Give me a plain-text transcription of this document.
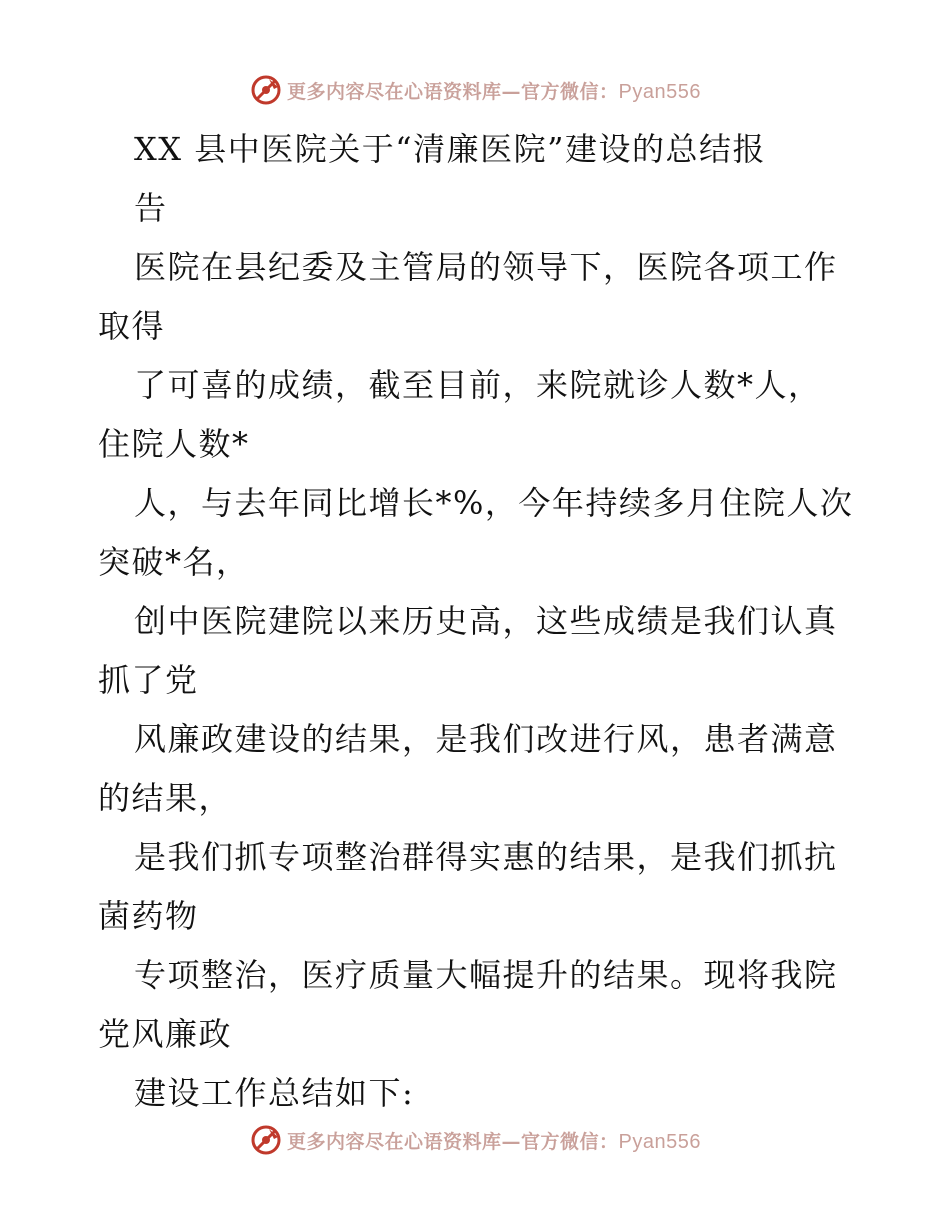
更多内容尽在心语资料库—官方微信：Pyan556
XX 县中医院关于“清廉医院”建设的总结报
告
医院在县纪委及主管局的领导下，医院各项工作
取得
了可喜的成绩，截至目前，来院就诊人数*人，
住院人数*
人，与去年同比增长*%，今年持续多月住院人次
突破*名，
创中医院建院以来历史高，这些成绩是我们认真
抓了党
风廉政建设的结果，是我们改进行风，患者满意
的结果，
是我们抓专项整治群得实惠的结果，是我们抓抗
菌药物
专项整治，医疗质量大幅提升的结果。现将我院
党风廉政
建设工作总结如下:
更多内容尽在心语资料库—官方微信：Pyan556
